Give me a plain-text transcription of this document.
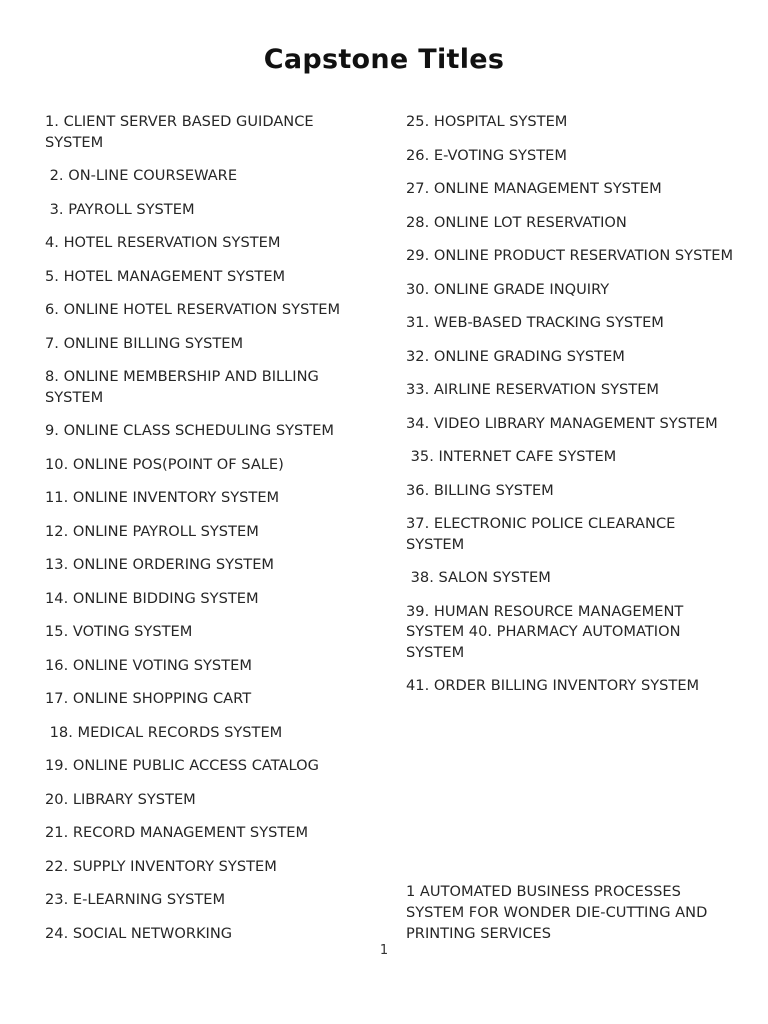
Capstone Titles
1. CLIENT SERVER BASED GUIDANCE SYSTEM
2. ON-LINE COURSEWARE
3. PAYROLL SYSTEM
4. HOTEL RESERVATION SYSTEM
5. HOTEL MANAGEMENT SYSTEM
6. ONLINE HOTEL RESERVATION SYSTEM
7. ONLINE BILLING SYSTEM
8. ONLINE MEMBERSHIP AND BILLING SYSTEM
9. ONLINE CLASS SCHEDULING SYSTEM
10. ONLINE POS(POINT OF SALE)
11. ONLINE INVENTORY SYSTEM
12. ONLINE PAYROLL SYSTEM
13. ONLINE ORDERING SYSTEM
14. ONLINE BIDDING SYSTEM
15. VOTING SYSTEM
16. ONLINE VOTING SYSTEM
17. ONLINE SHOPPING CART
18. MEDICAL RECORDS SYSTEM
19. ONLINE PUBLIC ACCESS CATALOG
20. LIBRARY SYSTEM
21. RECORD MANAGEMENT SYSTEM
22. SUPPLY INVENTORY SYSTEM
23. E-LEARNING SYSTEM
24. SOCIAL NETWORKING
25. HOSPITAL SYSTEM
26. E-VOTING SYSTEM
27. ONLINE MANAGEMENT SYSTEM
28. ONLINE LOT RESERVATION
29. ONLINE PRODUCT RESERVATION SYSTEM
30. ONLINE GRADE INQUIRY
31. WEB-BASED TRACKING SYSTEM
32. ONLINE GRADING SYSTEM
33. AIRLINE RESERVATION SYSTEM
34. VIDEO LIBRARY MANAGEMENT SYSTEM
35. INTERNET CAFE SYSTEM
36. BILLING SYSTEM
37. ELECTRONIC POLICE CLEARANCE SYSTEM
38. SALON SYSTEM
39. HUMAN RESOURCE MANAGEMENT SYSTEM 40. PHARMACY AUTOMATION SYSTEM
41. ORDER BILLING INVENTORY SYSTEM
1 AUTOMATED BUSINESS PROCESSES SYSTEM FOR WONDER DIE-CUTTING AND PRINTING SERVICES
1
